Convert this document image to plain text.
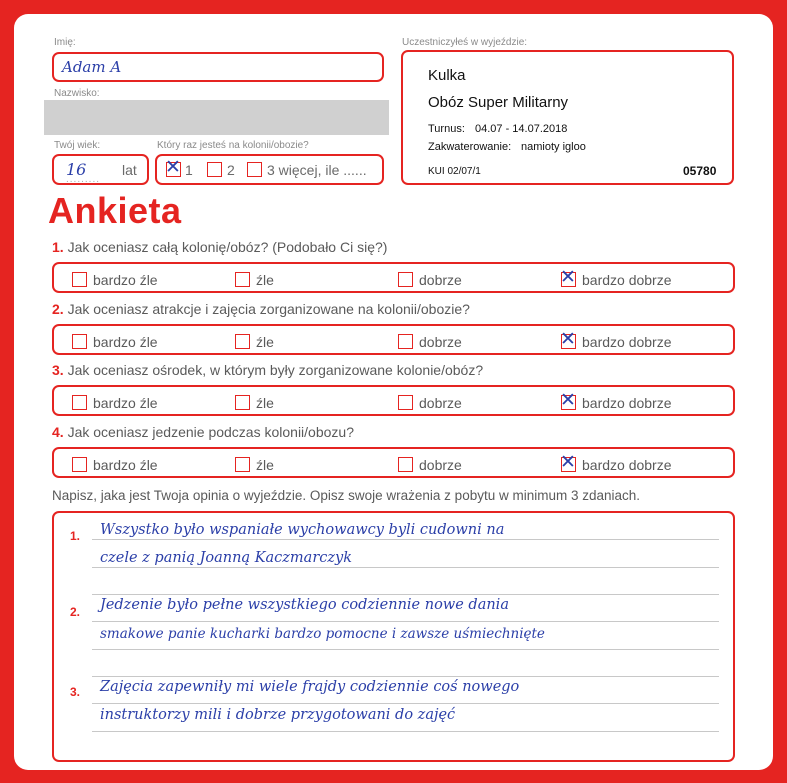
Imię:
Adam A
Nazwisko:
Twój wiek:
16
.........
lat
Który raz jesteś na kolonii/obozie?
✕ 1 2 3 więcej, ile ......
Uczestniczyłeś w wyjeździe:
Kulka
Obóz Super Militarny
Turnus: 04.07 - 14.07.2018
Zakwaterowanie: namioty igloo
KUI 02/07/1	05780
Ankieta
1. Jak oceniasz całą kolonię/obóz? (Podobało Ci się?)
bardzo źle	źle	dobrze	✕ bardzo dobrze
2. Jak oceniasz atrakcje i zajęcia zorganizowane na kolonii/obozie?
bardzo źle	źle	dobrze	✕ bardzo dobrze
3. Jak oceniasz ośrodek, w którym były zorganizowane kolonie/obóz?
bardzo źle	źle	dobrze	✕ bardzo dobrze
4. Jak oceniasz jedzenie podczas kolonii/obozu?
bardzo źle	źle	dobrze	✕ bardzo dobrze
Napisz, jaka jest Twoja opinia o wyjeździe. Opisz swoje wrażenia z pobytu w minimum 3 zdaniach.
1. Wszystko było wspaniałe wychowawcy byli cudowni na
czele z panią Joanną Kaczmarczyk
2. Jedzenie było pełne wszystkiego codziennie nowe dania
smakowe panie kucharki bardzo pomocne i zawsze uśmiechnięte
3. Zajęcia zapewniły mi wiele frajdy codziennie coś nowego
instruktorzy mili i dobrze przygotowani do zajęć
